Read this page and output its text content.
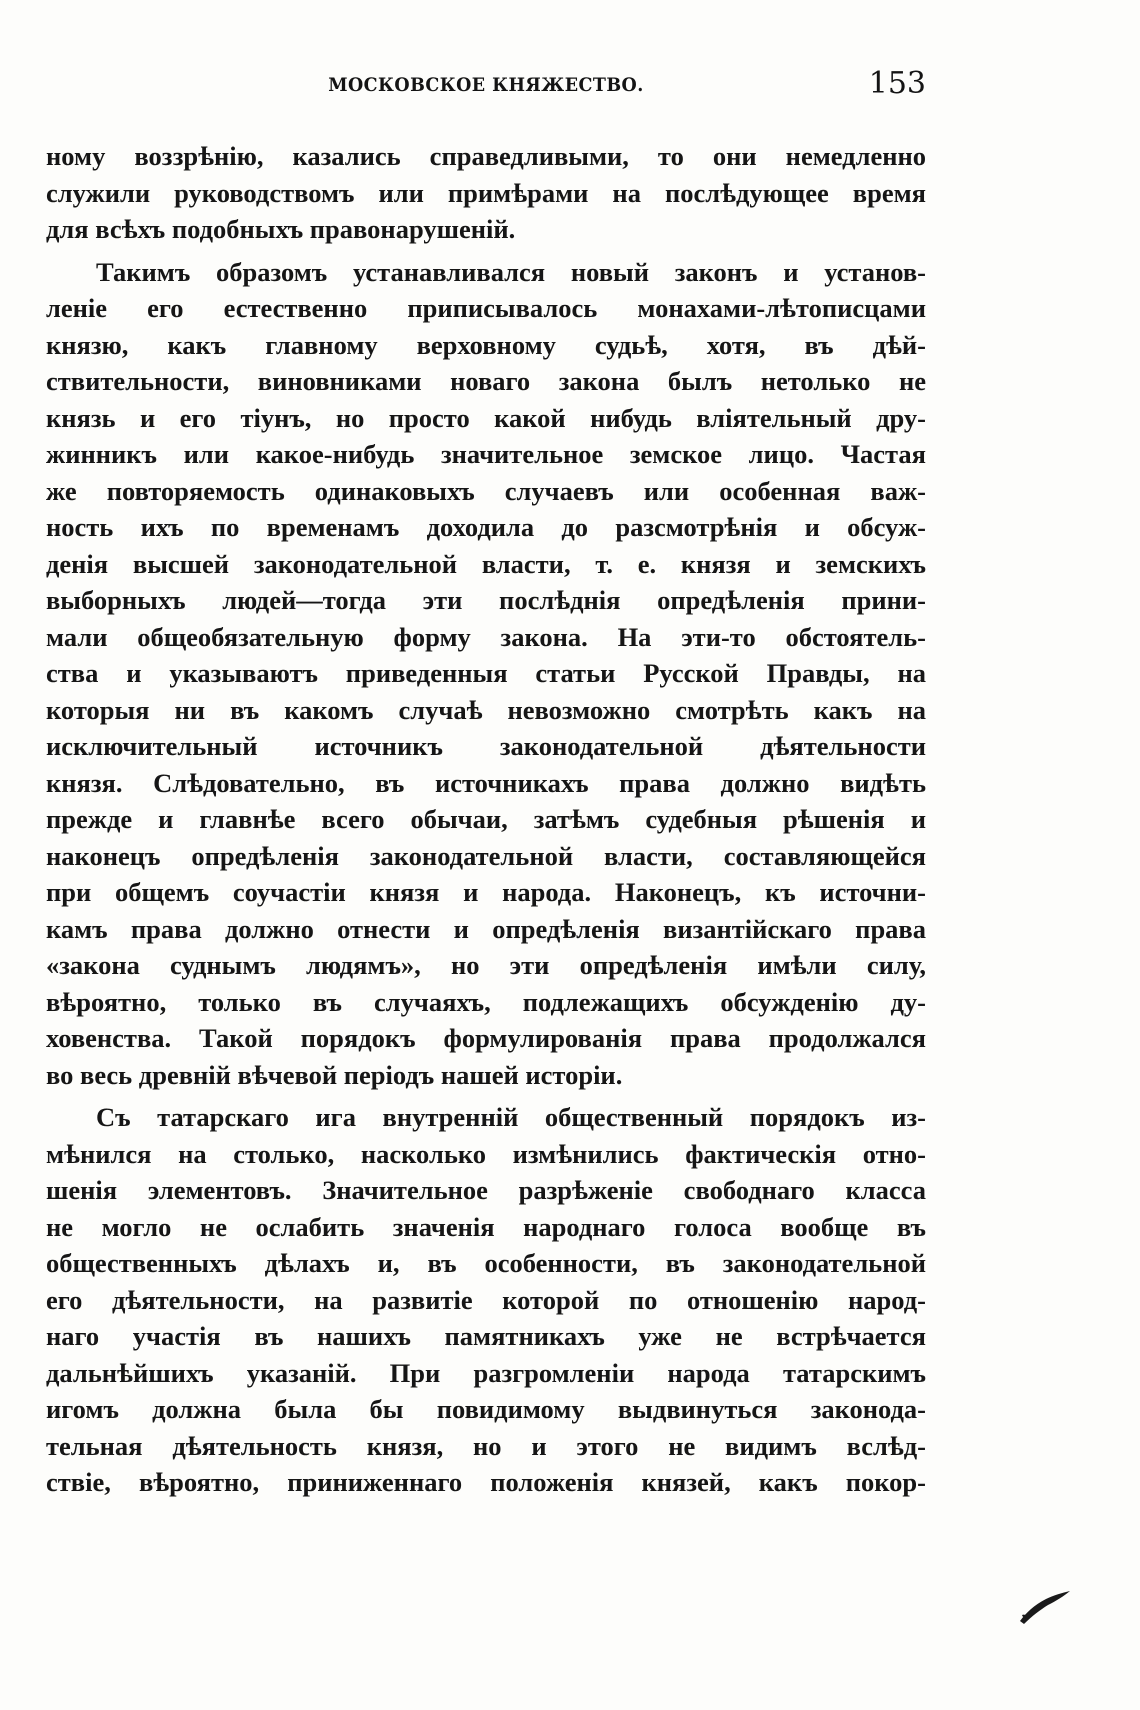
МОСКОВСКОЕ КНЯЖЕСТВО.	153
ному воззрѣнію, казались справедливыми, то они немедленно
служили руководствомъ или примѣрами на послѣдующее время
для всѣхъ подобныхъ правонарушеній.
Такимъ образомъ устанавливался новый законъ и установ-
леніе его естественно приписывалось монахами-лѣтописцами
князю, какъ главному верховному судьѣ, хотя, въ дѣй-
ствительности, виновниками новаго закона былъ нетолько не
князь и его тіунъ, но просто какой нибудь вліятельный дру-
жинникъ или какое-нибудь значительное земское лицо. Частая
же повторяемость одинаковыхъ случаевъ или особенная важ-
ность ихъ по временамъ доходила до разсмотрѣнія и обсуж-
денія высшей законодательной власти, т. е. князя и земскихъ
выборныхъ людей—тогда эти послѣднія опредѣленія прини-
мали общеобязательную форму закона. На эти-то обстоятель-
ства и указываютъ приведенныя статьи Русской Правды, на
которыя ни въ какомъ случаѣ невозможно смотрѣть какъ на
исключительный источникъ законодательной дѣятельности
князя. Слѣдовательно, въ источникахъ права должно видѣть
прежде и главнѣе всего обычаи, затѣмъ судебныя рѣшенія и
наконецъ опредѣленія законодательной власти, составляющейся
при общемъ соучастіи князя и народа. Наконецъ, къ источни-
камъ права должно отнести и опредѣленія византійскаго права
«закона суднымъ людямъ», но эти опредѣленія имѣли силу,
вѣроятно, только въ случаяхъ, подлежащихъ обсужденію ду-
ховенства. Такой порядокъ формулированія права продолжался
во весь древній вѣчевой періодъ нашей исторіи.
Съ татарскаго ига внутренній общественный порядокъ из-
мѣнился на столько, насколько измѣнились фактическія отно-
шенія элементовъ. Значительное разрѣженіе свободнаго класса
не могло не ослабить значенія народнаго голоса вообще въ
общественныхъ дѣлахъ и, въ особенности, въ законодательной
его дѣятельности, на развитіе которой по отношенію народ-
наго участія въ нашихъ памятникахъ уже не встрѣчается
дальнѣйшихъ указаній. При разгромленіи народа татарскимъ
игомъ должна была бы повидимому выдвинуться законода-
тельная дѣятельность князя, но и этого не видимъ вслѣд-
ствіе, вѣроятно, приниженнаго положенія князей, какъ покор-
